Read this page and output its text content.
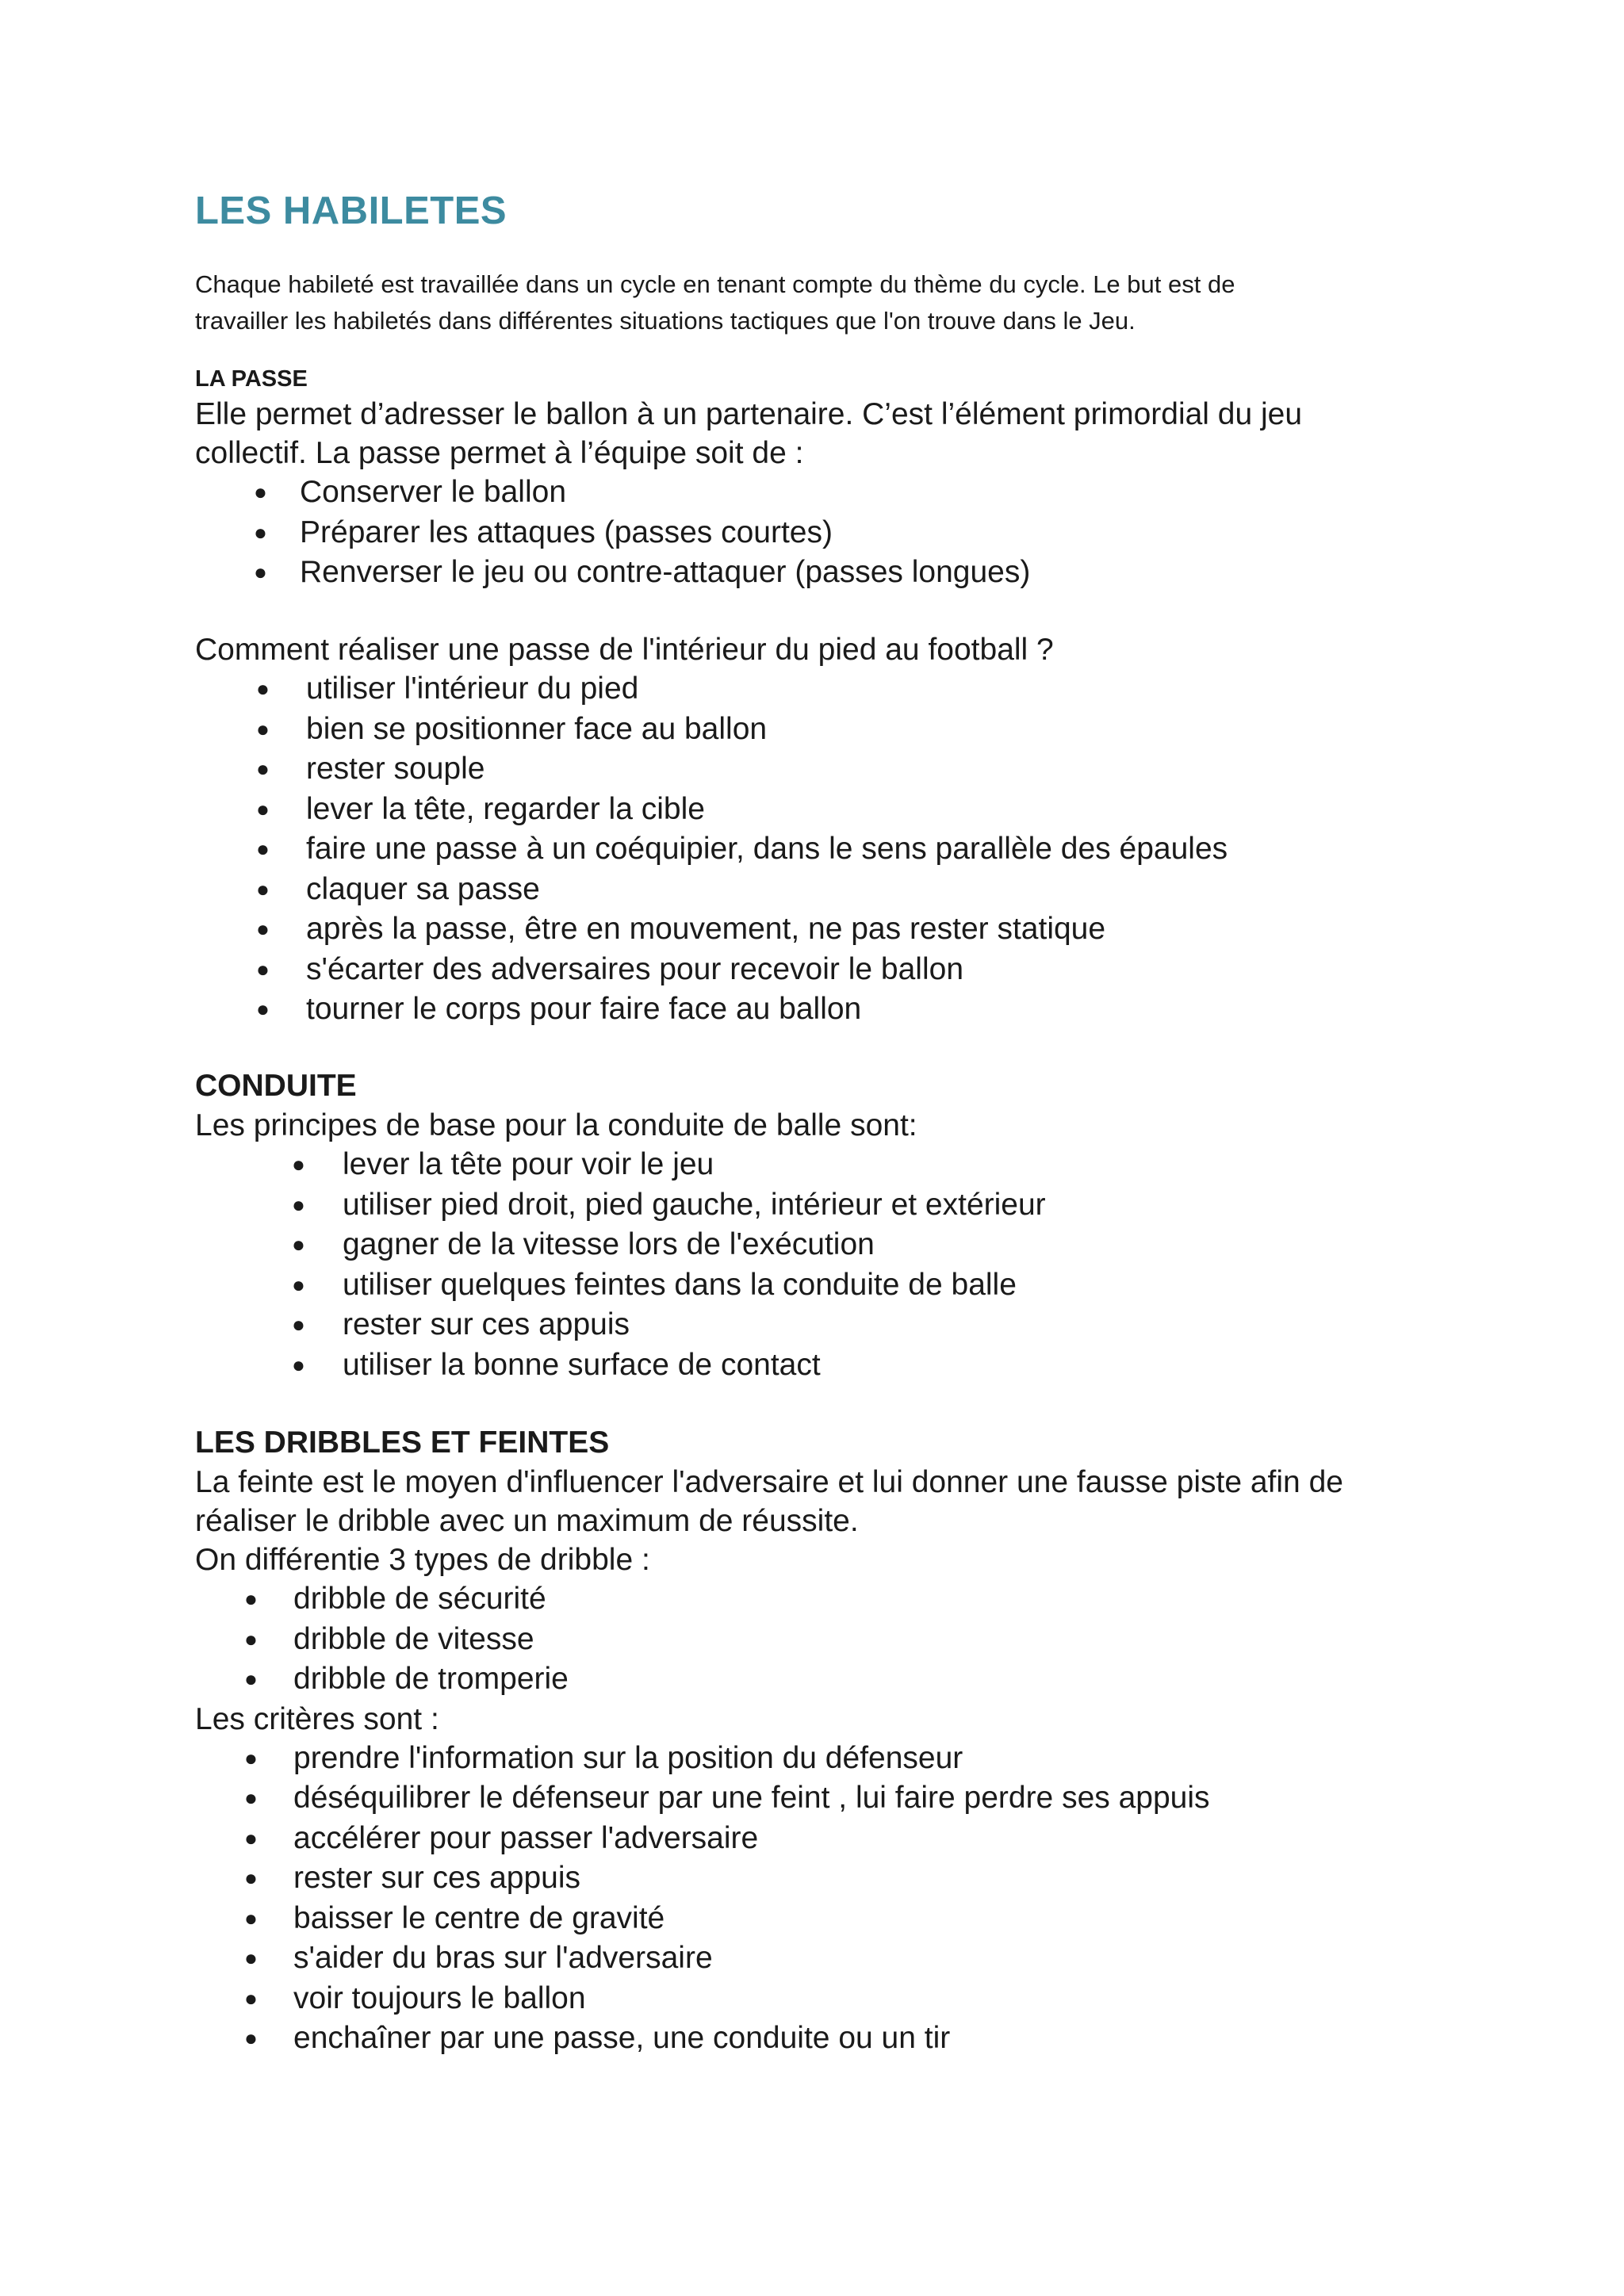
LES HABILETES

Chaque habileté est travaillée dans un cycle en tenant compte du thème du cycle. Le but est de

travailler les habiletés dans différentes situations tactiques que l'on trouve dans le Jeu.

LA PASSE

Elle permet d’adresser le ballon à un partenaire. C’est l’élément primordial du jeu

collectif. La passe permet à l’équipe soit de :

● Conserver le ballon
● Préparer les attaques (passes courtes)
● Renverser le jeu ou contre-attaquer (passes longues)

Comment réaliser une passe de l'intérieur du pied au football ?

● utiliser l'intérieur du pied
● bien se positionner face au ballon
● rester souple
● lever la tête, regarder la cible
● faire une passe à un coéquipier, dans le sens parallèle des épaules
● claquer sa passe
● après la passe, être en mouvement, ne pas rester statique
● s'écarter des adversaires pour recevoir le ballon
● tourner le corps pour faire face au ballon
CONDUITE

Les principes de base pour la conduite de balle sont:

● lever la tête pour voir le jeu
● utiliser pied droit, pied gauche, intérieur et extérieur
● gagner de la vitesse lors de l'exécution
● utiliser quelques feintes dans la conduite de balle
● rester sur ces appuis
● utiliser la bonne surface de contact
LES DRIBBLES ET FEINTES

La feinte est le moyen d'influencer l'adversaire et lui donner une fausse piste afin de

réaliser le dribble avec un maximum de réussite.

On différentie 3 types de dribble :

● dribble de sécurité
● dribble de vitesse
● dribble de tromperie

Les critères sont :

● prendre l'information sur la position du défenseur
● déséquilibrer le défenseur par une feint , lui faire perdre ses appuis
● accélérer pour passer l'adversaire
● rester sur ces appuis
● baisser le centre de gravité
● s'aider du bras sur l'adversaire
● voir toujours le ballon
● enchaîner par une passe, une conduite ou un tir
